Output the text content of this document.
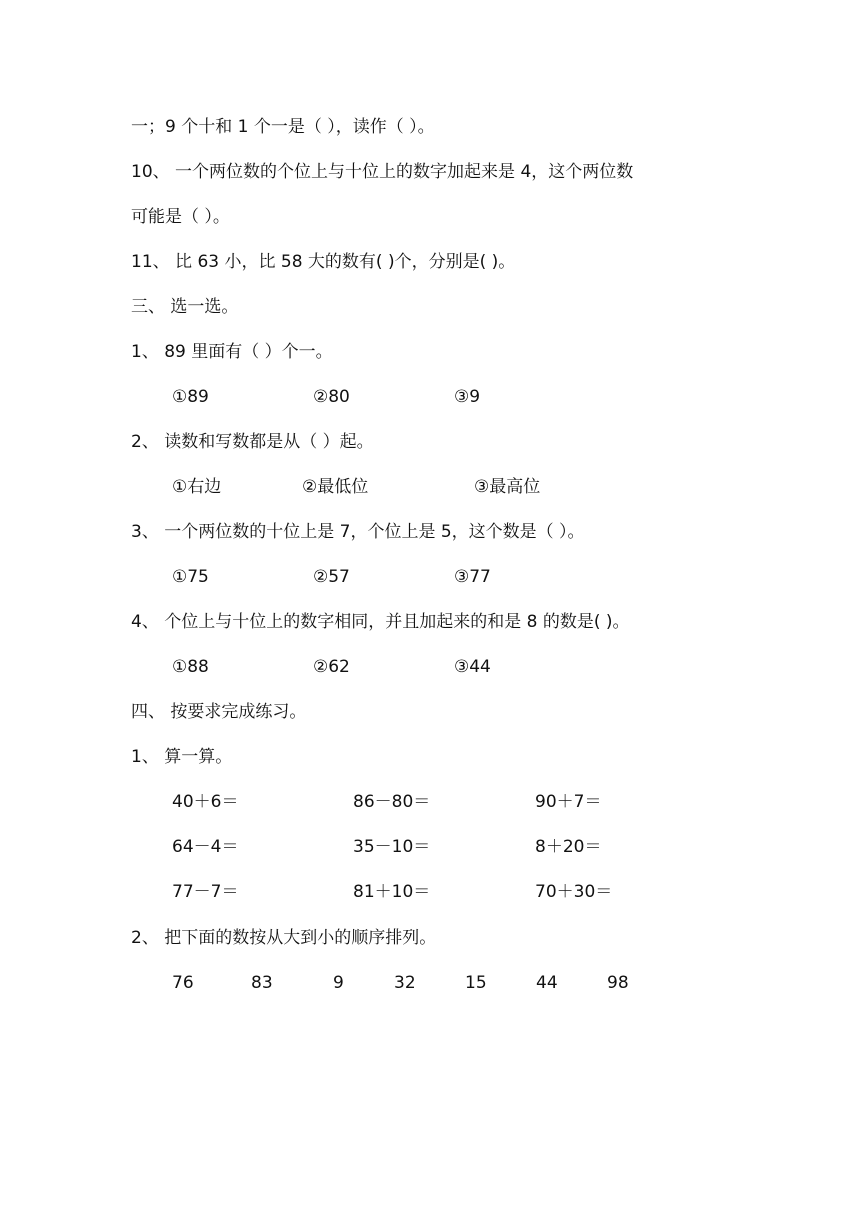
一；9 个十和 1 个一是（ ），读作（ ）。
10、 一个两位数的个位上与十位上的数字加起来是 4，这个两位数
可能是（ ）。
11、 比 63 小，比 58 大的数有( )个，分别是( )。
三、 选一选。
1、 89 里面有（ ）个一。
①89	②80	③9
2、 读数和写数都是从（ ）起。
①右边	②最低位	③最高位
3、 一个两位数的十位上是 7，个位上是 5，这个数是（ ）。
①75	②57	③77
4、 个位上与十位上的数字相同，并且加起来的和是 8 的数是( )。
①88	②62	③44
四、 按要求完成练习。
1、 算一算。
40＋6＝	86－80＝	90＋7＝
64－4＝	35－10＝	8＋20＝
77－7＝	81＋10＝	70＋30＝
2、 把下面的数按从大到小的顺序排列。
76	83	9	32	15	44	98
